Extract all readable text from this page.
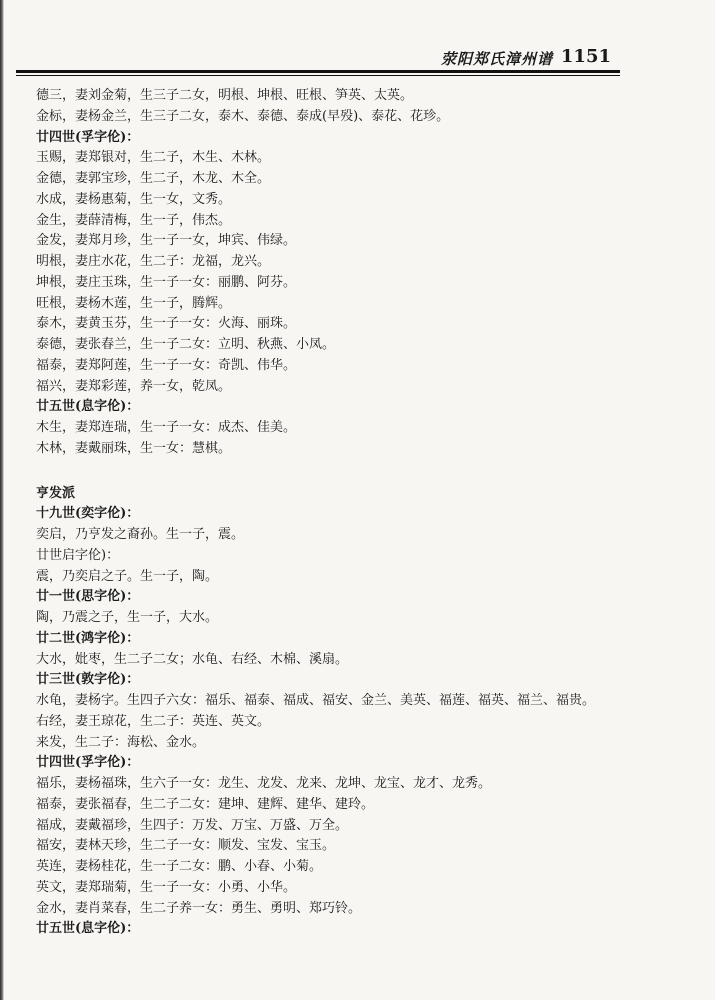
荥阳郑氏漳州谱 1151
德三，妻刘金菊，生三子二女，明根、坤根、旺根、笋英、太英。
金标，妻杨金兰，生三子二女，泰木、泰德、泰成(早殁)、泰花、花珍。
廿四世(孚字伦)：
玉赐，妻郑银对，生二子，木生、木林。
金德，妻郭宝珍，生二子，木龙、木全。
水成，妻杨惠菊，生一女，文秀。
金生，妻薛清梅，生一子，伟杰。
金发，妻郑月珍，生一子一女，坤宾、伟绿。
明根，妻庄水花，生二子：龙福，龙兴。
坤根，妻庄玉珠，生一子一女：丽鹏、阿芬。
旺根，妻杨木莲，生一子，腾辉。
泰木，妻黄玉芬，生一子一女：火海、丽珠。
泰德，妻张春兰，生一子二女：立明、秋燕、小凤。
福泰，妻郑阿莲，生一子一女：奇凯、伟华。
福兴，妻郑彩莲，养一女，乾凤。
廿五世(息字伦)：
木生，妻郑连瑞，生一子一女：成杰、佳美。
木林，妻戴丽珠，生一女：慧棋。
亨发派
十九世(奕字伦)：
奕启，乃亨发之裔孙。生一子，震。
廿世启字伦)：
震，乃奕启之子。生一子，陶。
廿一世(思字伦)：
陶，乃震之子，生一子，大水。
廿二世(鸿字伦)：
大水，妣枣，生二子二女；水龟、右经、木棉、溪扇。
廿三世(敦字伦)：
水龟，妻杨字。生四子六女：福乐、福泰、福成、福安、金兰、美英、福莲、福英、福兰、福贵。
右经，妻王琼花，生二子：英连、英文。
来发，生二子：海松、金水。
廿四世(孚字伦)：
福乐，妻杨福珠，生六子一女：龙生、龙发、龙来、龙坤、龙宝、龙才、龙秀。
福泰，妻张福春，生二子二女：建坤、建辉、建华、建玲。
福成，妻戴福珍，生四子：万发、万宝、万盛、万全。
福安，妻林天珍，生二子一女：顺发、宝发、宝玉。
英连，妻杨桂花，生一子二女：鹏、小春、小菊。
英文，妻郑瑞菊，生一子一女：小勇、小华。
金水，妻肖菜春，生二子养一女：勇生、勇明、郑巧铃。
廿五世(息字伦)：
